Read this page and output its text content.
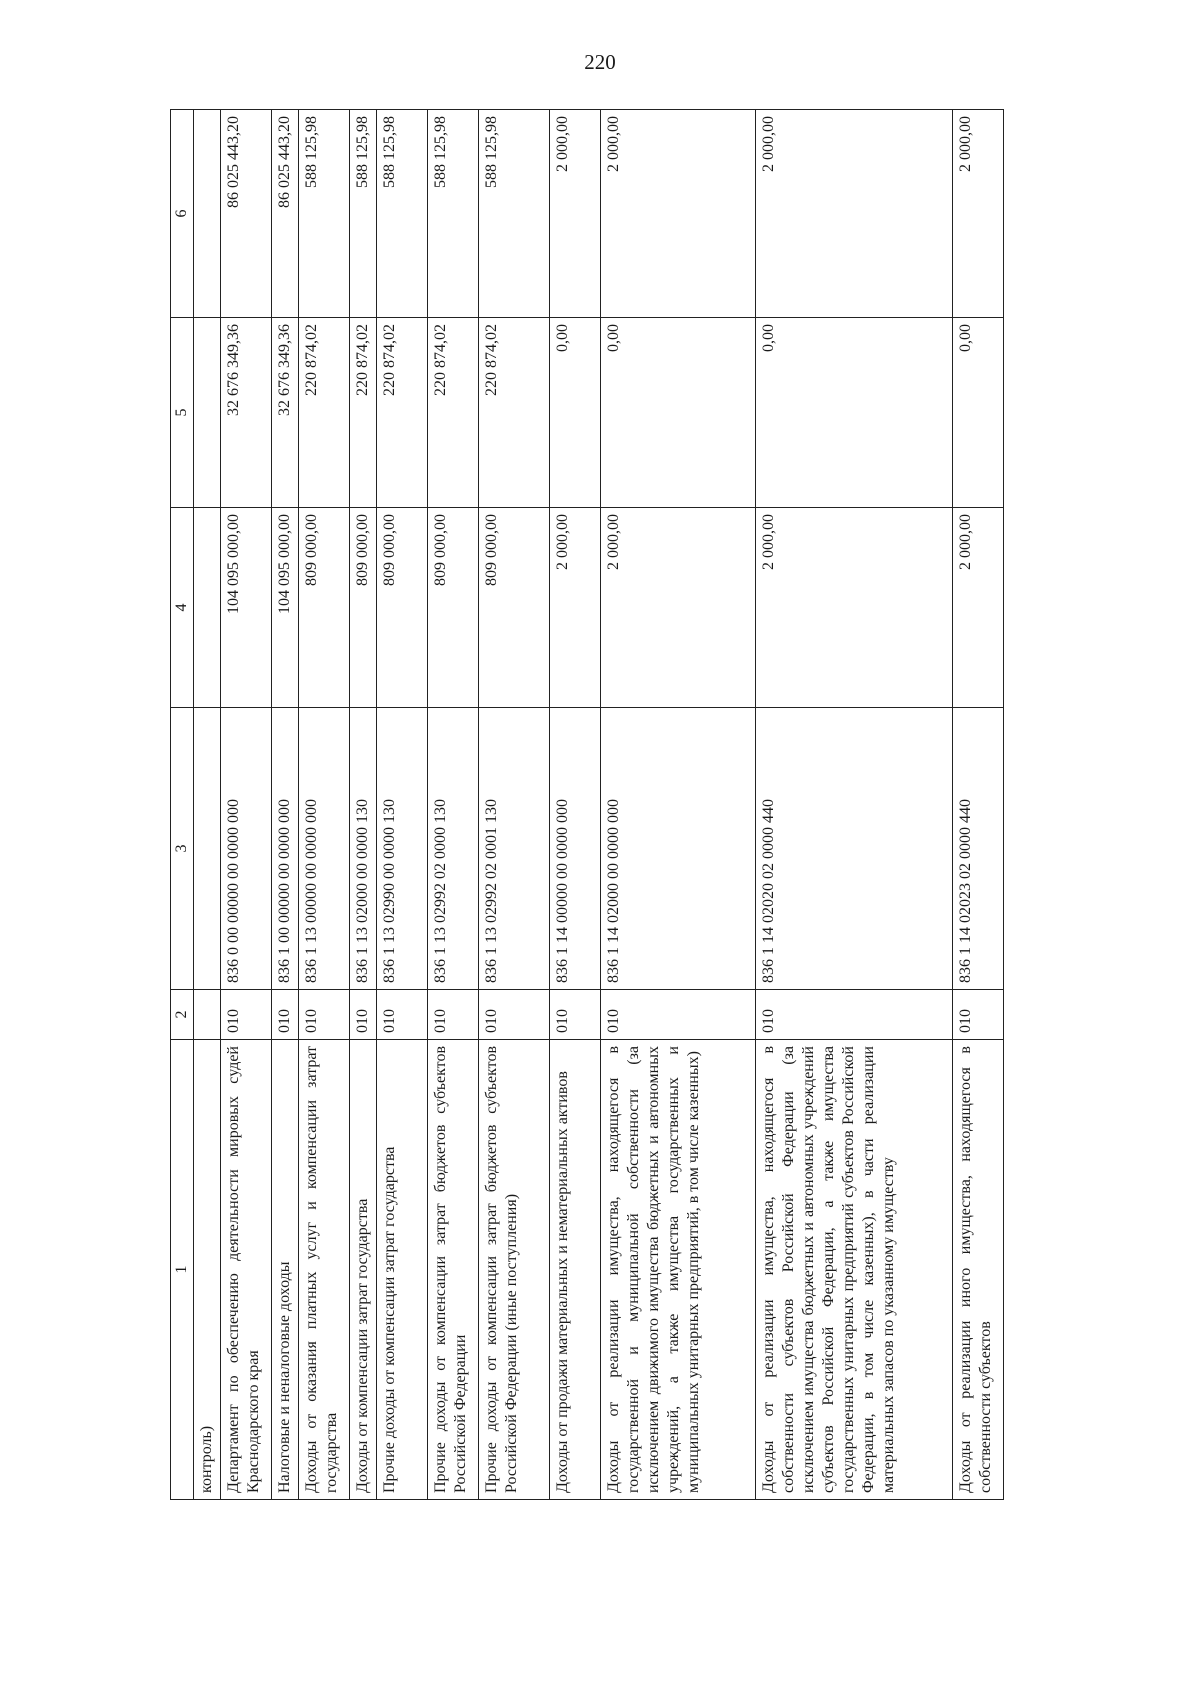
220
1	2	3	4	5	6
контроль)					
Департамент по обеспечению деятельности мировых судей Краснодарского края	010	836 0 00 00000 00 0000 000	104 095 000,00	32 676 349,36	86 025 443,20
Налоговые и неналоговые доходы	010	836 1 00 00000 00 0000 000	104 095 000,00	32 676 349,36	86 025 443,20
Доходы от оказания платных услуг и компенсации затрат государства	010	836 1 13 00000 00 0000 000	809 000,00	220 874,02	588 125,98
Доходы от компенсации затрат государства	010	836 1 13 02000 00 0000 130	809 000,00	220 874,02	588 125,98
Прочие доходы от компенсации затрат государства	010	836 1 13 02990 00 0000 130	809 000,00	220 874,02	588 125,98
Прочие доходы от компенсации затрат бюджетов субъектов Российской Федерации	010	836 1 13 02992 02 0000 130	809 000,00	220 874,02	588 125,98
Прочие доходы от компенсации затрат бюджетов субъектов Российской Федерации (иные поступления)	010	836 1 13 02992 02 0001 130	809 000,00	220 874,02	588 125,98
Доходы от продажи материальных и нематериальных активов	010	836 1 14 00000 00 0000 000	2 000,00	0,00	2 000,00
Доходы от реализации имущества, находящегося в государственной и муниципальной собственности (за исключением движимого имущества бюджетных и автономных учреждений, а также имущества государственных и муниципальных унитарных предприятий, в том числе казенных)	010	836 1 14 02000 00 0000 000	2 000,00	0,00	2 000,00
Доходы от реализации имущества, находящегося в собственности субъектов Российской Федерации (за исключением имущества бюджетных и автономных учреждений субъектов Российской Федерации, а также имущества государственных унитарных предприятий субъектов Российской Федерации, в том числе казенных), в части реализации материальных запасов по указанному имуществу	010	836 1 14 02020 02 0000 440	2 000,00	0,00	2 000,00
Доходы от реализации иного имущества, находящегося в собственности субъектов	010	836 1 14 02023 02 0000 440	2 000,00	0,00	2 000,00
